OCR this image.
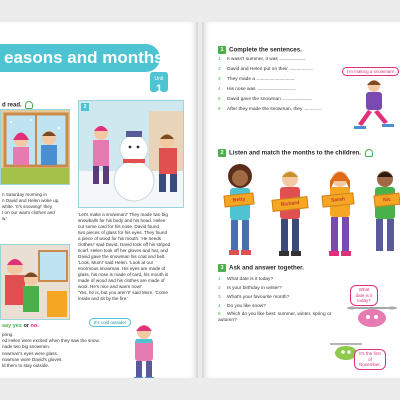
easons and months
Unit
1
d read.	2
n Saturday morning in
n David and Helen woke up,
white. 'It's snowing!' they
t on our warm clothes and
w.'
'Let's make a snowman!' They made two big
snowballs for his body and his head. Helen
cut some card for his nose. David found
two pieces of glass for his eyes. They found
a piece of wood for his mouth. 'He needs
clothes!' said David. David took off his striped
scarf. Helen took off her gloves and hat, and
David gave the snowman his coat and belt.
'Look, Mum!' said Helen. 'Look at our
enormous snowman. His eyes are made of
glass, his nose is made of card, his mouth is
made of wood and his clothes are made of
wool. He's nice and warm now!'
'Yes, he is, but you aren't!' said Mum. 'Come
inside and sit by the fire.'
say yes or no.
pring.
nd Helen were excited when they saw the snow.
nade two big snowmen.
nowman's eyes were glass.
nowman wore David's gloves.
ld them to stay outside.
It's cold outside!
1 Complete the sentences.
1 It wasn't summer, it was ................................
2 David and Helen put on their ............................
3 They made a ..............................................
4 His nose was ..............................................
5 David gave the snowman ...................................
6 After they made the snowman, they .....................
I'm making a snowman!
2 Listen and match the months to the children.
Betty
Richard
Sarah	Nic
3 Ask and answer together.
1 What date is it today?
2 Is your birthday in winter?
3 What's your favourite month?
4 Do you like snow?
5 Which do you like best: summer, winter, spring or autumn?
What date is it today?
It's the first of November.
